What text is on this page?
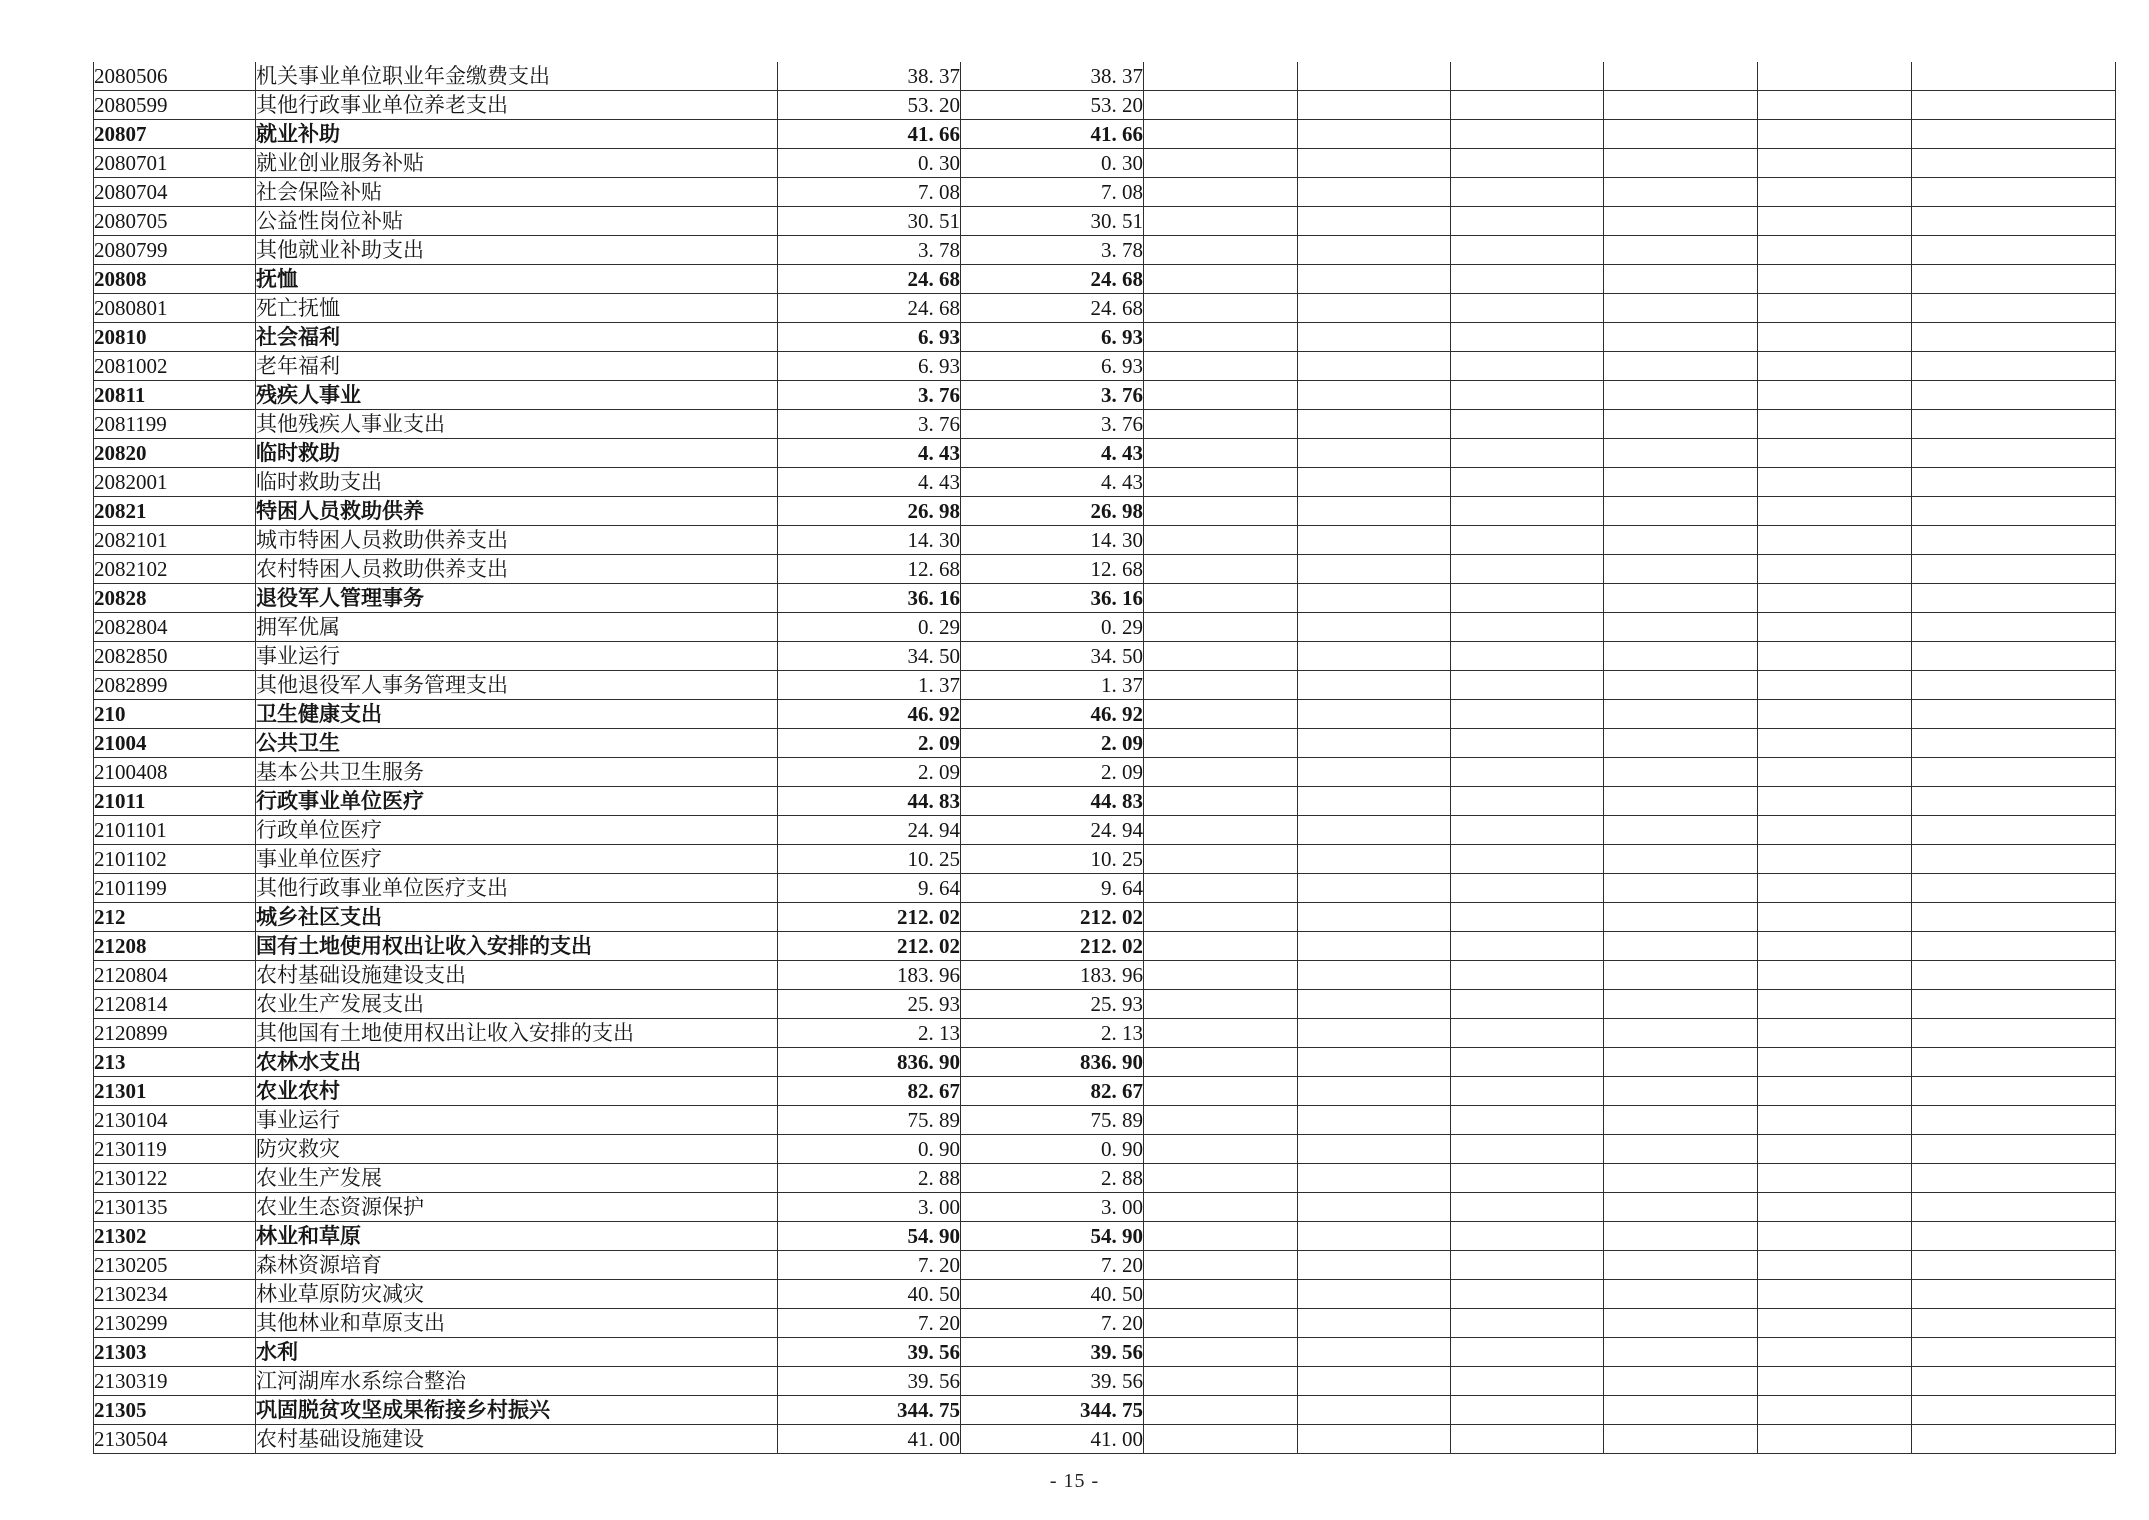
2080506	机关事业单位职业年金缴费支出	38. 37	38. 37						
2080599	其他行政事业单位养老支出	53. 20	53. 20						
20807	就业补助	41. 66	41. 66						
2080701	就业创业服务补贴	0. 30	0. 30						
2080704	社会保险补贴	7. 08	7. 08						
2080705	公益性岗位补贴	30. 51	30. 51						
2080799	其他就业补助支出	3. 78	3. 78						
20808	抚恤	24. 68	24. 68						
2080801	死亡抚恤	24. 68	24. 68						
20810	社会福利	6. 93	6. 93						
2081002	老年福利	6. 93	6. 93						
20811	残疾人事业	3. 76	3. 76						
2081199	其他残疾人事业支出	3. 76	3. 76						
20820	临时救助	4. 43	4. 43						
2082001	临时救助支出	4. 43	4. 43						
20821	特困人员救助供养	26. 98	26. 98						
2082101	城市特困人员救助供养支出	14. 30	14. 30						
2082102	农村特困人员救助供养支出	12. 68	12. 68						
20828	退役军人管理事务	36. 16	36. 16						
2082804	拥军优属	0. 29	0. 29						
2082850	事业运行	34. 50	34. 50						
2082899	其他退役军人事务管理支出	1. 37	1. 37						
210	卫生健康支出	46. 92	46. 92						
21004	公共卫生	2. 09	2. 09						
2100408	基本公共卫生服务	2. 09	2. 09						
21011	行政事业单位医疗	44. 83	44. 83						
2101101	行政单位医疗	24. 94	24. 94						
2101102	事业单位医疗	10. 25	10. 25						
2101199	其他行政事业单位医疗支出	9. 64	9. 64						
212	城乡社区支出	212. 02	212. 02						
21208	国有土地使用权出让收入安排的支出	212. 02	212. 02						
2120804	农村基础设施建设支出	183. 96	183. 96						
2120814	农业生产发展支出	25. 93	25. 93						
2120899	其他国有土地使用权出让收入安排的支出	2. 13	2. 13						
213	农林水支出	836. 90	836. 90						
21301	农业农村	82. 67	82. 67						
2130104	事业运行	75. 89	75. 89						
2130119	防灾救灾	0. 90	0. 90						
2130122	农业生产发展	2. 88	2. 88						
2130135	农业生态资源保护	3. 00	3. 00						
21302	林业和草原	54. 90	54. 90						
2130205	森林资源培育	7. 20	7. 20						
2130234	林业草原防灾减灾	40. 50	40. 50						
2130299	其他林业和草原支出	7. 20	7. 20						
21303	水利	39. 56	39. 56						
2130319	江河湖库水系综合整治	39. 56	39. 56						
21305	巩固脱贫攻坚成果衔接乡村振兴	344. 75	344. 75						
2130504	农村基础设施建设	41. 00	41. 00						
- 15 -
